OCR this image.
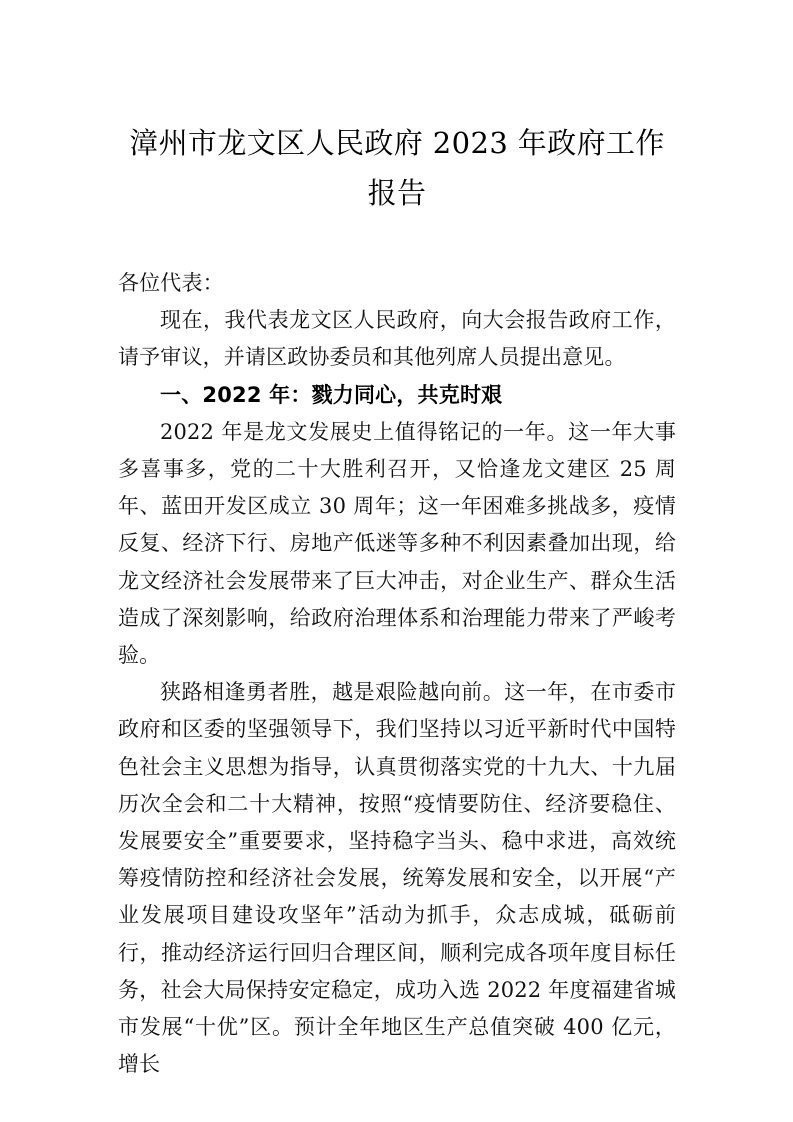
漳州市龙文区人民政府 2023 年政府工作报告

各位代表：

现在，我代表龙文区人民政府，向大会报告政府工作，请予审议，并请区政协委员和其他列席人员提出意见。

一、2022 年：戮力同心，共克时艰

2022 年是龙文发展史上值得铭记的一年。这一年大事多喜事多，党的二十大胜利召开，又恰逢龙文建区 25 周年、蓝田开发区成立 30 周年；这一年困难多挑战多，疫情反复、经济下行、房地产低迷等多种不利因素叠加出现，给龙文经济社会发展带来了巨大冲击，对企业生产、群众生活造成了深刻影响，给政府治理体系和治理能力带来了严峻考验。

狭路相逢勇者胜，越是艰险越向前。这一年，在市委市政府和区委的坚强领导下，我们坚持以习近平新时代中国特色社会主义思想为指导，认真贯彻落实党的十九大、十九届历次全会和二十大精神，按照“疫情要防住、经济要稳住、发展要安全”重要要求，坚持稳字当头、稳中求进，高效统筹疫情防控和经济社会发展，统筹发展和安全，以开展“产业发展项目建设攻坚年”活动为抓手，众志成城，砥砺前行，推动经济运行回归合理区间，顺利完成各项年度目标任务，社会大局保持安定稳定，成功入选 2022 年度福建省城市发展“十优”区。预计全年地区生产总值突破 400 亿元，增长
